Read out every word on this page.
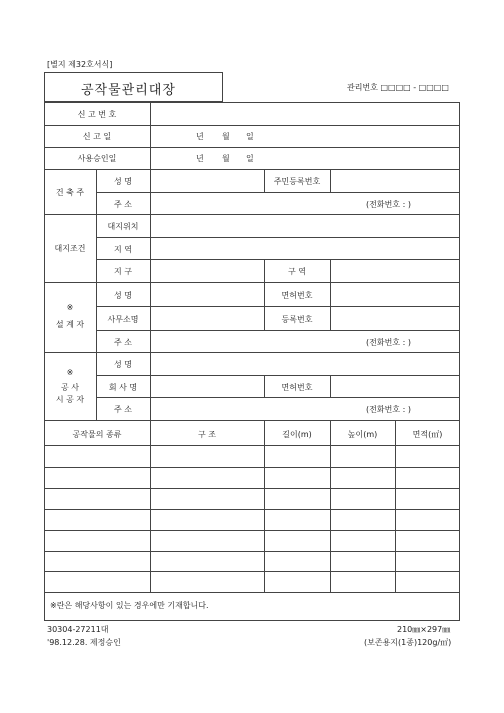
[별지 제32호서식]
공작물관리대장	관리번호 □□□□ - □□□□
신 고 번 호
신 고 일	년 월 일
사용승인일	년 월 일
건 축 주
성 명	주민등록번호
주 소	(전화번호 : )
대지조건
대지위치
지 역
지 구	구 역
※
설 계 자
성 명	면허번호
사무소명	등록번호
주 소	(전화번호 : )
※
공 사
시 공 자
성 명
회 사 명	면허번호
주 소	(전화번호 : )
공작물의 종류	구 조	길이(m)	높이(m)	면적(㎡)
※란은 해당사항이 있는 경우에만 기재합니다.
30304-27211대
'98.12.28. 제정승인
210㎜×297㎜
(보존용지(1종)120g/㎡)
